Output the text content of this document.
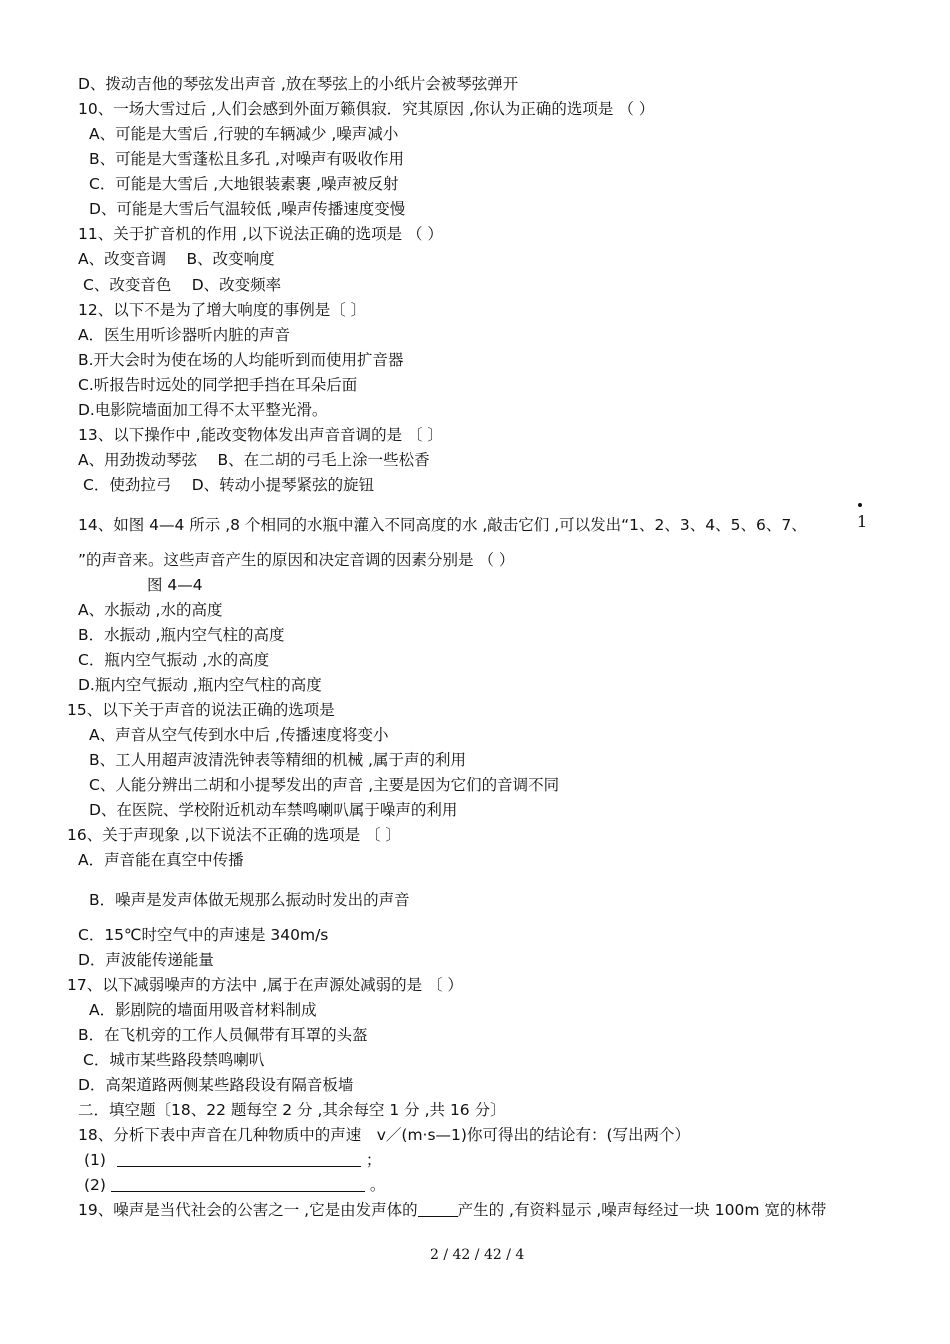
D、拨动吉他的琴弦发出声音 ,放在琴弦上的小纸片会被琴弦弹开
10、一场大雪过后 ,人们会感到外面万籁俱寂．究其原因 ,你认为正确的选项是 （ ）
A、可能是大雪后 ,行驶的车辆减少 ,噪声减小
B、可能是大雪蓬松且多孔 ,对噪声有吸收作用
C．可能是大雪后 ,大地银装素裹 ,噪声被反射
D、可能是大雪后气温较低 ,噪声传播速度变慢
11、关于扩音机的作用 ,以下说法正确的选项是 （ ）
A、改变音调　 B、改变响度
C、改变音色　 D、改变频率
12、以下不是为了增大响度的事例是〔 〕
A．医生用听诊器听内脏的声音
B.开大会时为使在场的人均能听到而使用扩音器
C.听报告时远处的同学把手挡在耳朵后面
D.电影院墙面加工得不太平整光滑。
13、以下操作中 ,能改变物体发出声音音调的是 〔 〕
A、用劲拨动琴弦　 B、在二胡的弓毛上涂一些松香
C．使劲拉弓　 D、转动小提琴紧弦的旋钮
1
14、如图 4—4 所示 ,8 个相同的水瓶中灌入不同高度的水 ,敲击它们 ,可以发出“1、2、3、4、5、6、7、
”的声音来。这些声音产生的原因和决定音调的因素分别是 （ ）
图 4—4
A、水振动 ,水的高度
B．水振动 ,瓶内空气柱的高度
C．瓶内空气振动 ,水的高度
D.瓶内空气振动 ,瓶内空气柱的高度
15、以下关于声音的说法正确的选项是
A、声音从空气传到水中后 ,传播速度将变小
B、工人用超声波清洗钟表等精细的机械 ,属于声的利用
C、人能分辨出二胡和小提琴发出的声音 ,主要是因为它们的音调不同
D、在医院、学校附近机动车禁鸣喇叭属于噪声的利用
16、关于声现象 ,以下说法不正确的选项是 〔 〕
A．声音能在真空中传播
B．噪声是发声体做无规那么振动时发出的声音
C．15℃时空气中的声速是 340m/s
D．声波能传递能量
17、以下减弱噪声的方法中 ,属于在声源处减弱的是 〔 ）
A．影剧院的墙面用吸音材料制成
B．在飞机旁的工作人员佩带有耳罩的头盔
C．城市某些路段禁鸣喇叭
D．高架道路两侧某些路段设有隔音板墙
二．填空题〔18、22 题每空 2 分 ,其余每空 1 分 ,共 16 分〕
18、分析下表中声音在几种物质中的声速　v／(m·s—1)你可得出的结论有：(写出两个）
(1)	；
(2)	。
19、噪声是当代社会的公害之一 ,它是由发声体的	产生的 ,有资料显示 ,噪声每经过一块 100m 宽的林带
2 / 42 / 42 / 4
